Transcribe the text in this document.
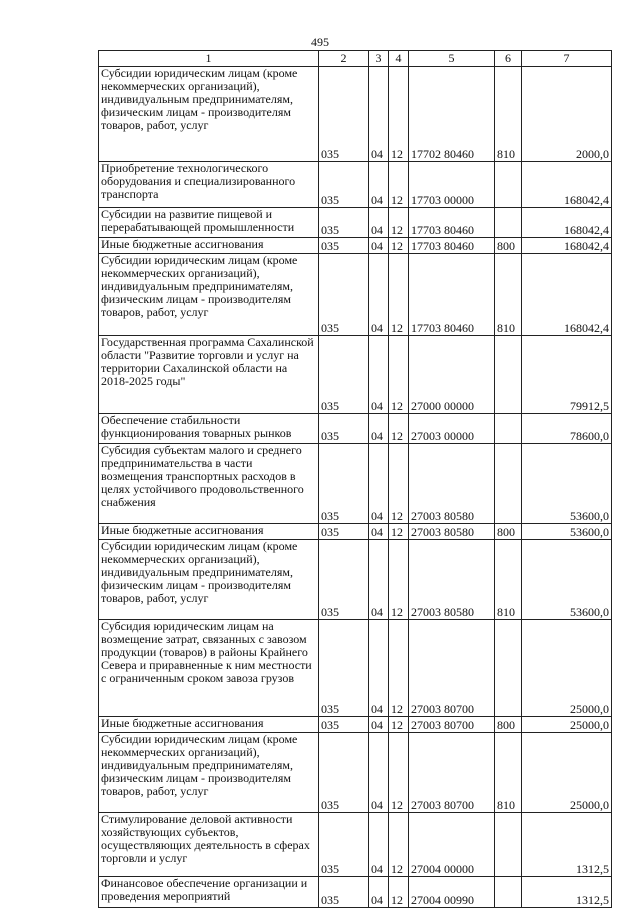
495
1	2	3	4	5	6	7
Субсидии юридическим лицам (кроме некоммерческих организаций), индивидуальным предпринимателям, физическим лицам - производителям товаров, работ, услуг	035	04	12	17702 80460	810	2000,0
Приобретение технологического оборудования и специализированного транспорта	035	04	12	17703 00000		168042,4
Субсидии на развитие пищевой и перерабатывающей промышленности	035	04	12	17703 80460		168042,4
Иные бюджетные ассигнования	035	04	12	17703 80460	800	168042,4
Субсидии юридическим лицам (кроме некоммерческих организаций), индивидуальным предпринимателям, физическим лицам - производителям товаров, работ, услуг	035	04	12	17703 80460	810	168042,4
Государственная программа Сахалинской области "Развитие торговли и услуг на территории Сахалинской области на 2018-2025 годы"	035	04	12	27000 00000		79912,5
Обеспечение стабильности функционирования товарных рынков	035	04	12	27003 00000		78600,0
Субсидия субъектам малого и среднего предпринимательства в части возмещения транспортных расходов в целях устойчивого продовольственного снабжения	035	04	12	27003 80580		53600,0
Иные бюджетные ассигнования	035	04	12	27003 80580	800	53600,0
Субсидии юридическим лицам (кроме некоммерческих организаций), индивидуальным предпринимателям, физическим лицам - производителям товаров, работ, услуг	035	04	12	27003 80580	810	53600,0
Субсидия юридическим лицам на возмещение затрат, связанных с завозом продукции (товаров) в районы Крайнего Севера и приравненные к ним местности с ограниченным сроком завоза грузов	035	04	12	27003 80700		25000,0
Иные бюджетные ассигнования	035	04	12	27003 80700	800	25000,0
Субсидии юридическим лицам (кроме некоммерческих организаций), индивидуальным предпринимателям, физическим лицам - производителям товаров, работ, услуг	035	04	12	27003 80700	810	25000,0
Стимулирование деловой активности хозяйствующих субъектов, осуществляющих деятельность в сферах торговли и услуг	035	04	12	27004 00000		1312,5
Финансовое обеспечение организации и проведения мероприятий	035	04	12	27004 00990		1312,5
